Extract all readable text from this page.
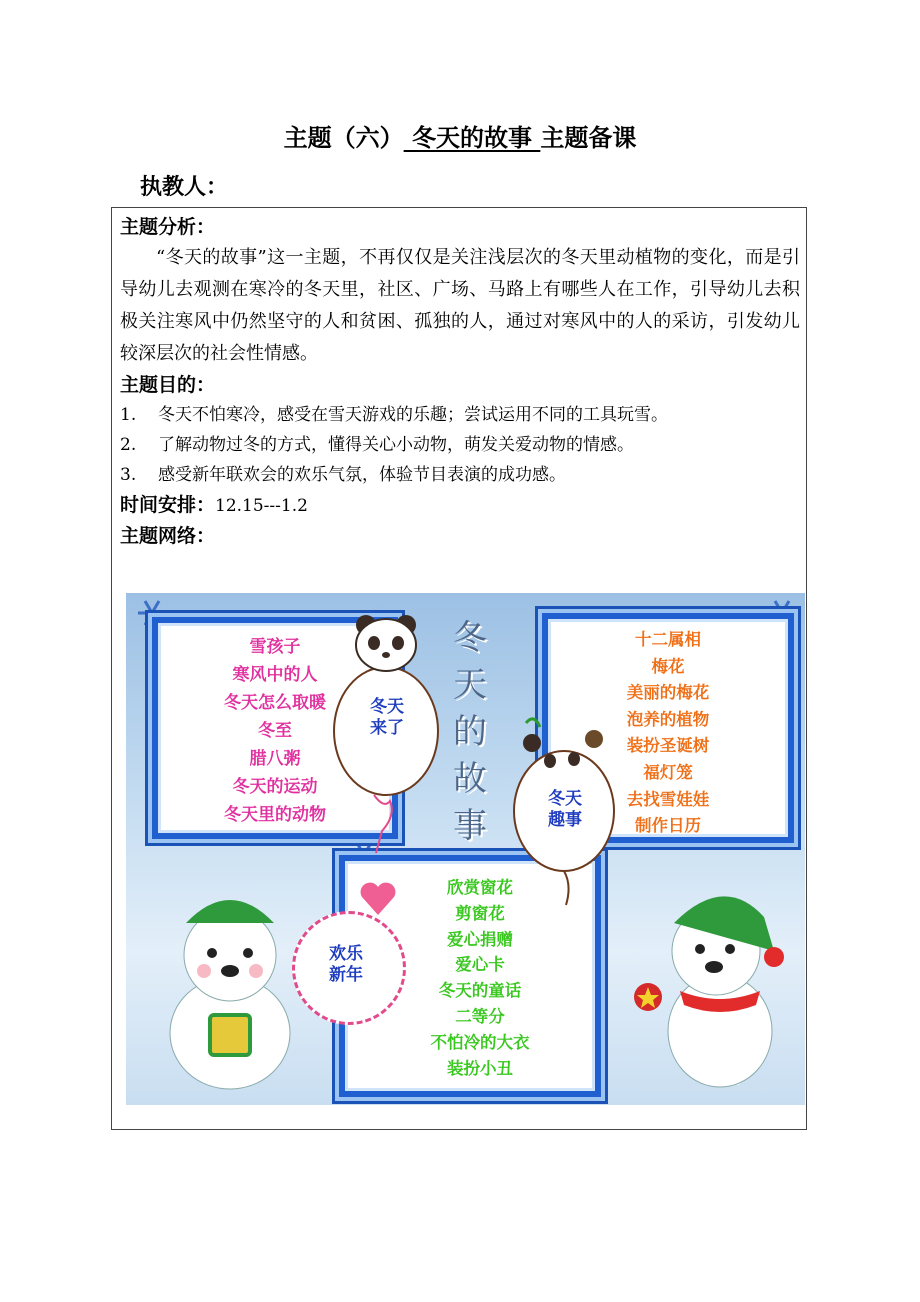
主题（六） 冬天的故事 主题备课
执教人：

主题分析：

“冬天的故事”这一主题，不再仅仅是关注浅层次的冬天里动植物的变化，而是引导幼儿去观测在寒冷的冬天里，社区、广场、马路上有哪些人在工作，引导幼儿去积极关注寒风中仍然坚守的人和贫困、孤独的人，通过对寒风中的人的采访，引发幼儿较深层次的社会性情感。

主题目的：

1. 冬天不怕寒冷，感受在雪天游戏的乐趣；尝试运用不同的工具玩雪。

2. 了解动物过冬的方式，懂得关心小动物，萌发关爱动物的情感。

3. 感受新年联欢会的欢乐气氛，体验节目表演的成功感。

时间安排：12.15---1.2

主题网络：

雪孩子
寒风中的人
冬天怎么取暖
冬至
腊八粥
冬天的运动
冬天里的动物
十二属相
梅花
美丽的梅花
泡养的植物
装扮圣诞树
福灯笼
去找雪娃娃
制作日历
欣赏窗花
剪窗花
爱心捐赠
爱心卡
冬天的童话
二等分
不怕冷的大衣
装扮小丑
冬
天
的
故
事
冬天
来了
冬天
趣事
欢乐
新年
